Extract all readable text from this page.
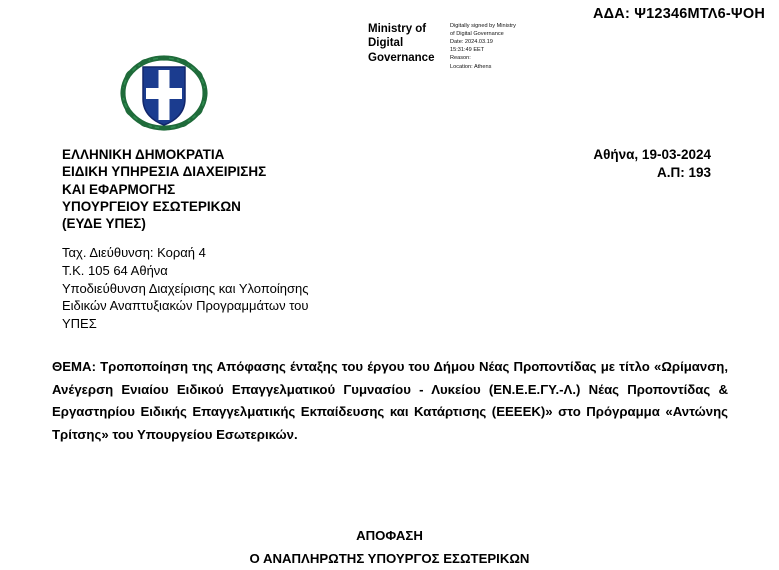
ΑΔΑ: Ψ12346ΜΤΛ6-ΨΟΗ
Ministry of Digital Governance
Digitally signed by Ministry
of Digital Governance
Date: 2024.03.19
15:31:49 EET
Reason:
Location: Athens
ΕΛΛΗΝΙΚΗ ΔΗΜΟΚΡΑΤΙΑ
ΕΙΔΙΚΗ ΥΠΗΡΕΣΙΑ ΔΙΑΧΕΙΡΙΣΗΣ
ΚΑΙ ΕΦΑΡΜΟΓΗΣ
ΥΠΟΥΡΓΕΙΟΥ ΕΣΩΤΕΡΙΚΩΝ
(ΕΥΔΕ ΥΠΕΣ)
Αθήνα, 19-03-2024
Α.Π: 193
Ταχ. Διεύθυνση: Κοραή 4
Τ.Κ. 105 64 Αθήνα
Υποδιεύθυνση Διαχείρισης και Υλοποίησης
Ειδικών Αναπτυξιακών Προγραμμάτων του
ΥΠΕΣ
ΘΕΜΑ: Τροποποίηση της Απόφασης ένταξης του έργου του Δήμου Νέας Προποντίδας με τίτλο «Ωρίμανση, Ανέγερση Ενιαίου Ειδικού Επαγγελματικού Γυμνασίου - Λυκείου (ΕΝ.Ε.Ε.ΓΥ.-Λ.) Νέας Προποντίδας & Εργαστηρίου Ειδικής Επαγγελματικής Εκπαίδευσης και Κατάρτισης (ΕΕΕΕΚ)» στο Πρόγραμμα «Αντώνης Τρίτσης» του Υπουργείου Εσωτερικών.
ΑΠΟΦΑΣΗ
Ο ΑΝΑΠΛΗΡΩΤΗΣ ΥΠΟΥΡΓΟΣ ΕΣΩΤΕΡΙΚΩΝ
